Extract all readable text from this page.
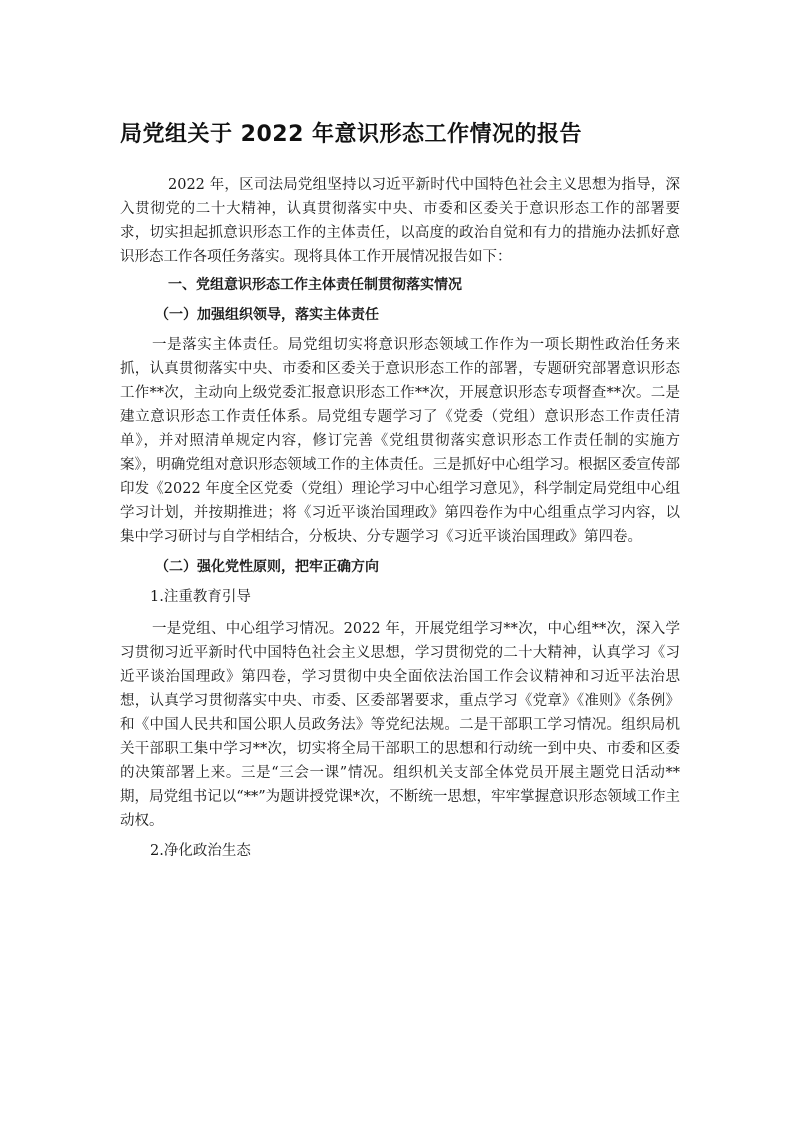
局党组关于 2022 年意识形态工作情况的报告

2022 年，区司法局党组坚持以习近平新时代中国特色社会主义思想为指导，深入贯彻党的二十大精神，认真贯彻落实中央、市委和区委关于意识形态工作的部署要求，切实担起抓意识形态工作的主体责任，以高度的政治自觉和有力的措施办法抓好意识形态工作各项任务落实。现将具体工作开展情况报告如下：

一、党组意识形态工作主体责任制贯彻落实情况

（一）加强组织领导，落实主体责任

一是落实主体责任。局党组切实将意识形态领域工作作为一项长期性政治任务来抓，认真贯彻落实中央、市委和区委关于意识形态工作的部署，专题研究部署意识形态工作**次，主动向上级党委汇报意识形态工作**次，开展意识形态专项督查**次。二是建立意识形态工作责任体系。局党组专题学习了《党委（党组）意识形态工作责任清单》，并对照清单规定内容，修订完善《党组贯彻落实意识形态工作责任制的实施方案》，明确党组对意识形态领域工作的主体责任。三是抓好中心组学习。根据区委宣传部印发《2022 年度全区党委（党组）理论学习中心组学习意见》，科学制定局党组中心组学习计划，并按期推进；将《习近平谈治国理政》第四卷作为中心组重点学习内容，以集中学习研讨与自学相结合，分板块、分专题学习《习近平谈治国理政》第四卷。

（二）强化党性原则，把牢正确方向

1.注重教育引导

一是党组、中心组学习情况。2022 年，开展党组学习**次，中心组**次，深入学习贯彻习近平新时代中国特色社会主义思想，学习贯彻党的二十大精神，认真学习《习近平谈治国理政》第四卷，学习贯彻中央全面依法治国工作会议精神和习近平法治思想，认真学习贯彻落实中央、市委、区委部署要求，重点学习《党章》《准则》《条例》和《中国人民共和国公职人员政务法》等党纪法规。二是干部职工学习情况。组织局机关干部职工集中学习**次，切实将全局干部职工的思想和行动统一到中央、市委和区委的决策部署上来。三是“三会一课”情况。组织机关支部全体党员开展主题党日活动**期，局党组书记以“**”为题讲授党课*次，不断统一思想，牢牢掌握意识形态领域工作主动权。

2.净化政治生态
